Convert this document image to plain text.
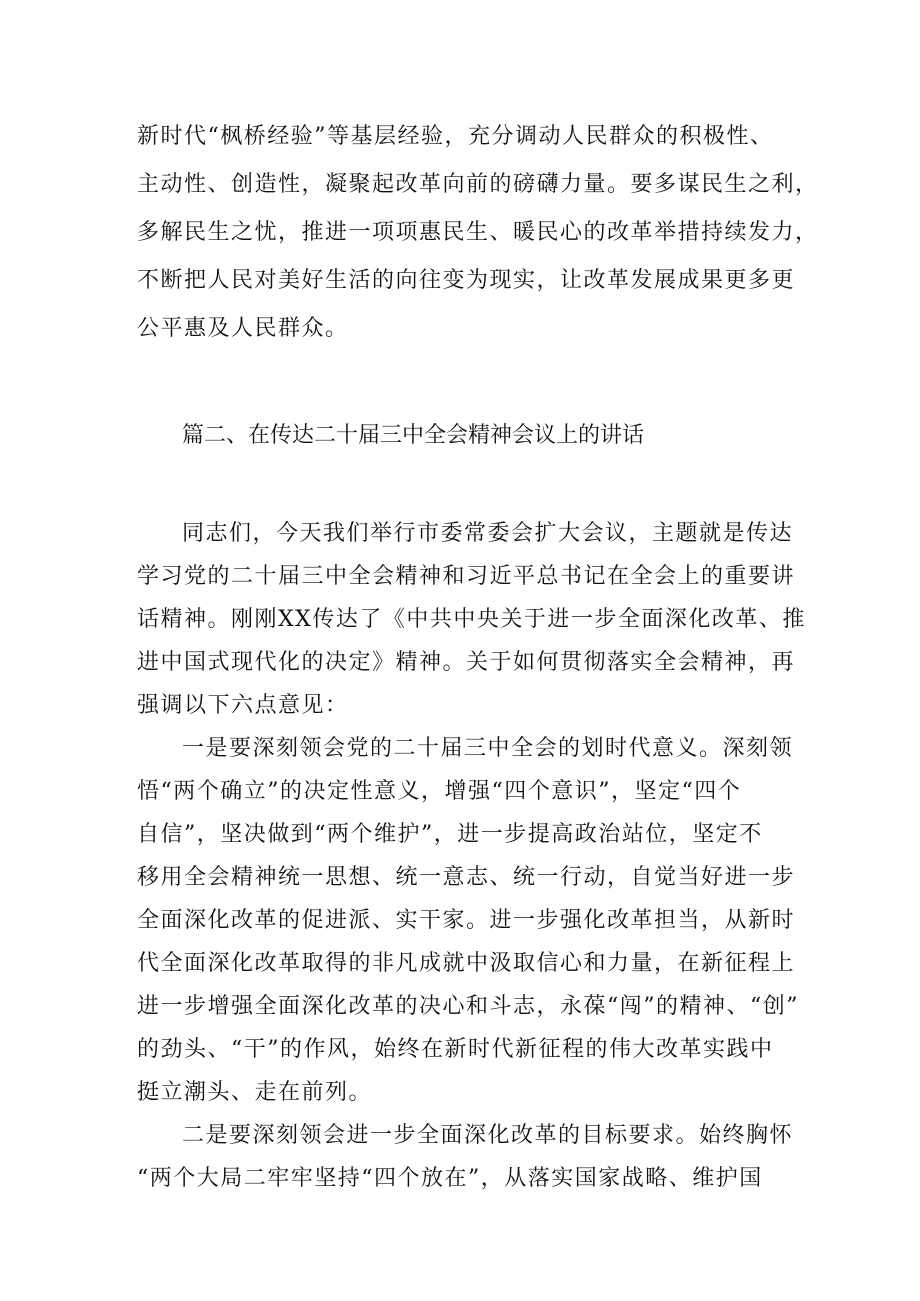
新时代“枫桥经验”等基层经验，充分调动人民群众的积极性、
主动性、创造性，凝聚起改革向前的磅礴力量。要多谋民生之利，
多解民生之忧，推进一项项惠民生、暖民心的改革举措持续发力，
不断把人民对美好生活的向往变为现实，让改革发展成果更多更
公平惠及人民群众。
篇二、在传达二十届三中全会精神会议上的讲话
同志们，今天我们举行市委常委会扩大会议，主题就是传达
学习党的二十届三中全会精神和习近平总书记在全会上的重要讲
话精神。刚刚XX传达了《中共中央关于进一步全面深化改革、推
进中国式现代化的决定》精神。关于如何贯彻落实全会精神，再
强调以下六点意见：
一是要深刻领会党的二十届三中全会的划时代意义。深刻领
悟“两个确立”的决定性意义，增强“四个意识”，坚定“四个
自信”，坚决做到“两个维护”，进一步提高政治站位，坚定不
移用全会精神统一思想、统一意志、统一行动，自觉当好进一步
全面深化改革的促进派、实干家。进一步强化改革担当，从新时
代全面深化改革取得的非凡成就中汲取信心和力量，在新征程上
进一步增强全面深化改革的决心和斗志，永葆“闯”的精神、“创”
的劲头、“干”的作风，始终在新时代新征程的伟大改革实践中
挺立潮头、走在前列。
二是要深刻领会进一步全面深化改革的目标要求。始终胸怀
“两个大局二牢牢坚持“四个放在”，从落实国家战略、维护国
